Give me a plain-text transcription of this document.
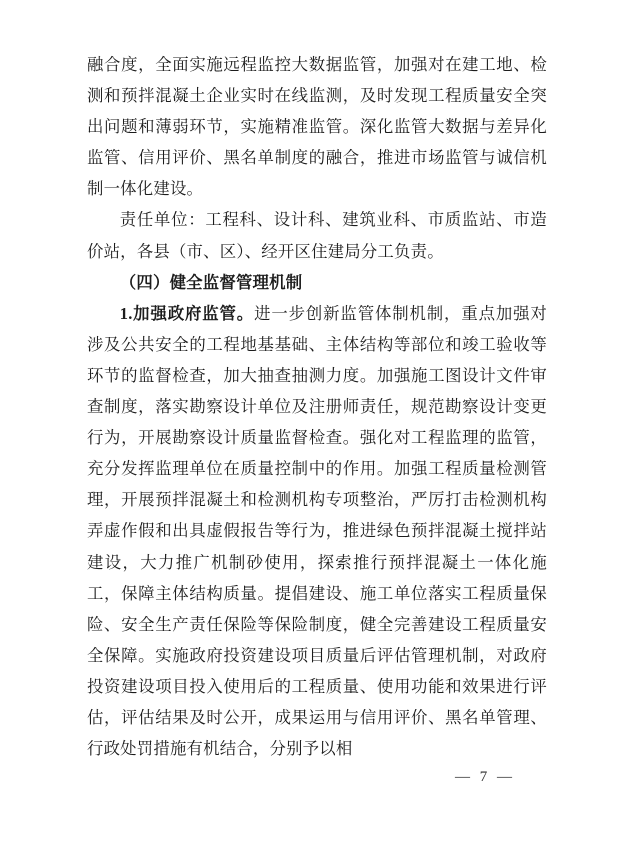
融合度，全面实施远程监控大数据监管，加强对在建工地、检测和预拌混凝土企业实时在线监测，及时发现工程质量安全突出问题和薄弱环节，实施精准监管。深化监管大数据与差异化监管、信用评价、黑名单制度的融合，推进市场监管与诚信机制一体化建设。

责任单位：工程科、设计科、建筑业科、市质监站、市造价站，各县（市、区）、经开区住建局分工负责。

（四）健全监督管理机制

1.加强政府监管。进一步创新监管体制机制，重点加强对涉及公共安全的工程地基基础、主体结构等部位和竣工验收等环节的监督检查，加大抽查抽测力度。加强施工图设计文件审查制度，落实勘察设计单位及注册师责任，规范勘察设计变更行为，开展勘察设计质量监督检查。强化对工程监理的监管，充分发挥监理单位在质量控制中的作用。加强工程质量检测管理，开展预拌混凝土和检测机构专项整治，严厉打击检测机构弄虚作假和出具虚假报告等行为，推进绿色预拌混凝土搅拌站建设，大力推广机制砂使用，探索推行预拌混凝土一体化施工，保障主体结构质量。提倡建设、施工单位落实工程质量保险、安全生产责任保险等保险制度，健全完善建设工程质量安全保障。实施政府投资建设项目质量后评估管理机制，对政府投资建设项目投入使用后的工程质量、使用功能和效果进行评估，评估结果及时公开，成果运用与信用评价、黑名单管理、行政处罚措施有机结合，分别予以相

— 7 —
